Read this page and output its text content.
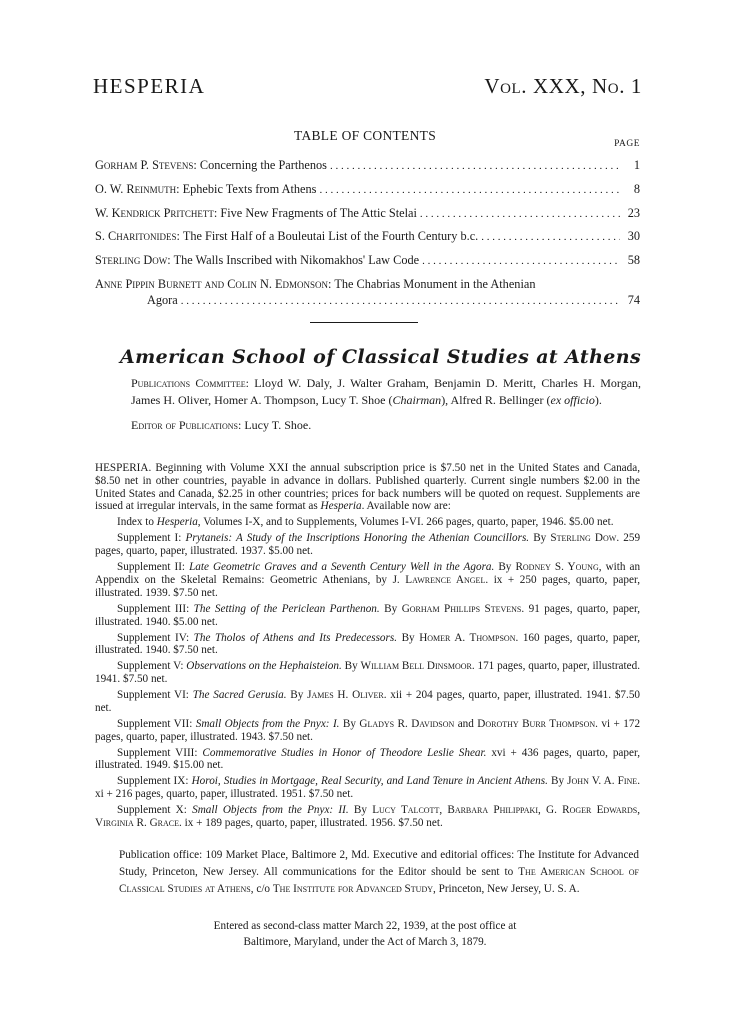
HESPERIA	Vol. XXX, No. 1
TABLE OF CONTENTS
PAGE
Gorham P. Stevens: Concerning the Parthenos . . .	1
O. W. Reinmuth: Ephebic Texts from Athens . . .	8
W. Kendrick Pritchett: Five New Fragments of The Attic Stelai . . .	23
S. Charitonides: The First Half of a Bouleutai List of the Fourth Century b.c. . . .	30
Sterling Dow: The Walls Inscribed with Nikomakhos' Law Code . . .	58
Anne Pippin Burnett and Colin N. Edmonson: The Chabrias Monument in the Athenian
Agora . . .	74
American School of Classical Studies at Athens
Publications Committee: Lloyd W. Daly, J. Walter Graham, Benjamin D. Meritt, Charles H. Morgan, James H. Oliver, Homer A. Thompson, Lucy T. Shoe (Chairman), Alfred R. Bellinger (ex officio).
Editor of Publications: Lucy T. Shoe.

HESPERIA. Beginning with Volume XXI the annual subscription price is $7.50 net in the United States and Canada, $8.50 net in other countries, payable in advance in dollars. Published quarterly. Current single numbers $2.00 in the United States and Canada, $2.25 in other countries; prices for back numbers will be quoted on request. Supplements are issued at irregular intervals, in the same format as Hesperia. Available now are:

Index to Hesperia, Volumes I-X, and to Supplements, Volumes I-VI. 266 pages, quarto, paper, 1946. $5.00 net.

Supplement I: Prytaneis: A Study of the Inscriptions Honoring the Athenian Councillors. By Sterling Dow. 259 pages, quarto, paper, illustrated. 1937. $5.00 net.

Supplement II: Late Geometric Graves and a Seventh Century Well in the Agora. By Rodney S. Young, with an Appendix on the Skeletal Remains: Geometric Athenians, by J. Lawrence Angel. ix + 250 pages, quarto, paper, illustrated. 1939. $7.50 net.

Supplement III: The Setting of the Periclean Parthenon. By Gorham Phillips Stevens. 91 pages, quarto, paper, illustrated. 1940. $5.00 net.

Supplement IV: The Tholos of Athens and Its Predecessors. By Homer A. Thompson. 160 pages, quarto, paper, illustrated. 1940. $7.50 net.

Supplement V: Observations on the Hephaisteion. By William Bell Dinsmoor. 171 pages, quarto, paper, illustrated. 1941. $7.50 net.

Supplement VI: The Sacred Gerusia. By James H. Oliver. xii + 204 pages, quarto, paper, illustrated. 1941. $7.50 net.

Supplement VII: Small Objects from the Pnyx: I. By Gladys R. Davidson and Dorothy Burr Thompson. vi + 172 pages, quarto, paper, illustrated. 1943. $7.50 net.

Supplement VIII: Commemorative Studies in Honor of Theodore Leslie Shear. xvi + 436 pages, quarto, paper, illustrated. 1949. $15.00 net.

Supplement IX: Horoi, Studies in Mortgage, Real Security, and Land Tenure in Ancient Athens. By John V. A. Fine. xi + 216 pages, quarto, paper, illustrated. 1951. $7.50 net.

Supplement X: Small Objects from the Pnyx: II. By Lucy Talcott, Barbara Philippaki, G. Roger Edwards, Virginia R. Grace. ix + 189 pages, quarto, paper, illustrated. 1956. $7.50 net.

Publication office: 109 Market Place, Baltimore 2, Md. Executive and editorial offices: The Institute for Advanced Study, Princeton, New Jersey. All communications for the Editor should be sent to The American School of Classical Studies at Athens, c/o The Institute for Advanced Study, Princeton, New Jersey, U. S. A.
Entered as second-class matter March 22, 1939, at the post office at
Baltimore, Maryland, under the Act of March 3, 1879.
